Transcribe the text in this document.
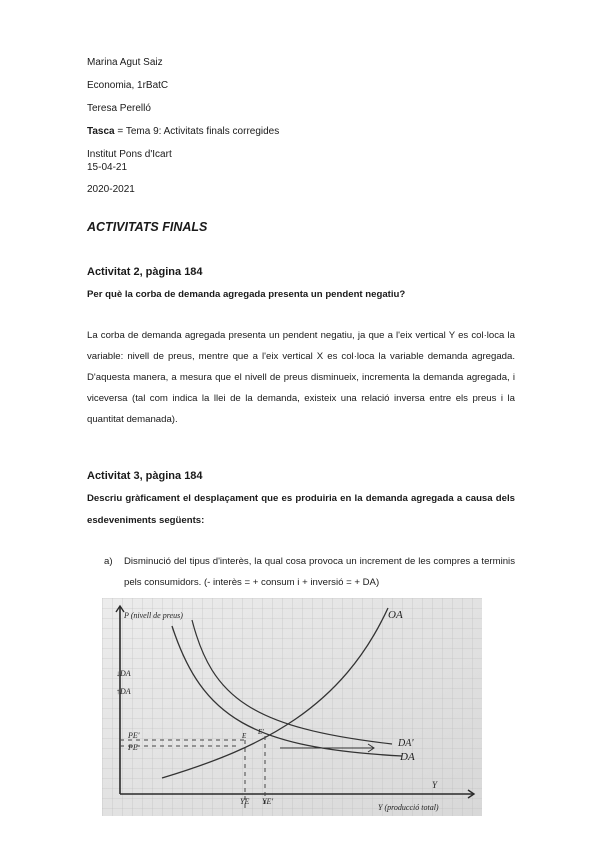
Marina Agut Saiz
Economia, 1rBatC
Teresa Perelló
Tasca = Tema 9: Activitats finals corregides
Institut Pons d'Icart
15-04-21
2020-2021
ACTIVITATS FINALS
Activitat 2, pàgina 184
Per què la corba de demanda agregada presenta un pendent negatiu?
La corba de demanda agregada presenta un pendent negatiu, ja que a l'eix vertical Y es col·loca la variable: nivell de preus, mentre que a l'eix vertical X es col·loca la variable demanda agregada. D'aquesta manera, a mesura que el nivell de preus disminueix, incrementa la demanda agregada, i viceversa (tal com indica la llei de la demanda, existeix una relació inversa entre els preus i la quantitat demanada).
Activitat 3, pàgina 184
Descriu gràficament el desplaçament que es produiria en la demanda agregada a causa dels esdeveniments següents:
a) Disminució del tipus d'interès, la qual cosa provoca un increment de les compres a terminis pels consumidors. (- interès = + consum i + inversió = + DA)
P (nivell de preus)	OA
↓DA
↑DA
PE'
PE
E E'
DA'
DA
YE YE'
Y
Y (producció total)
